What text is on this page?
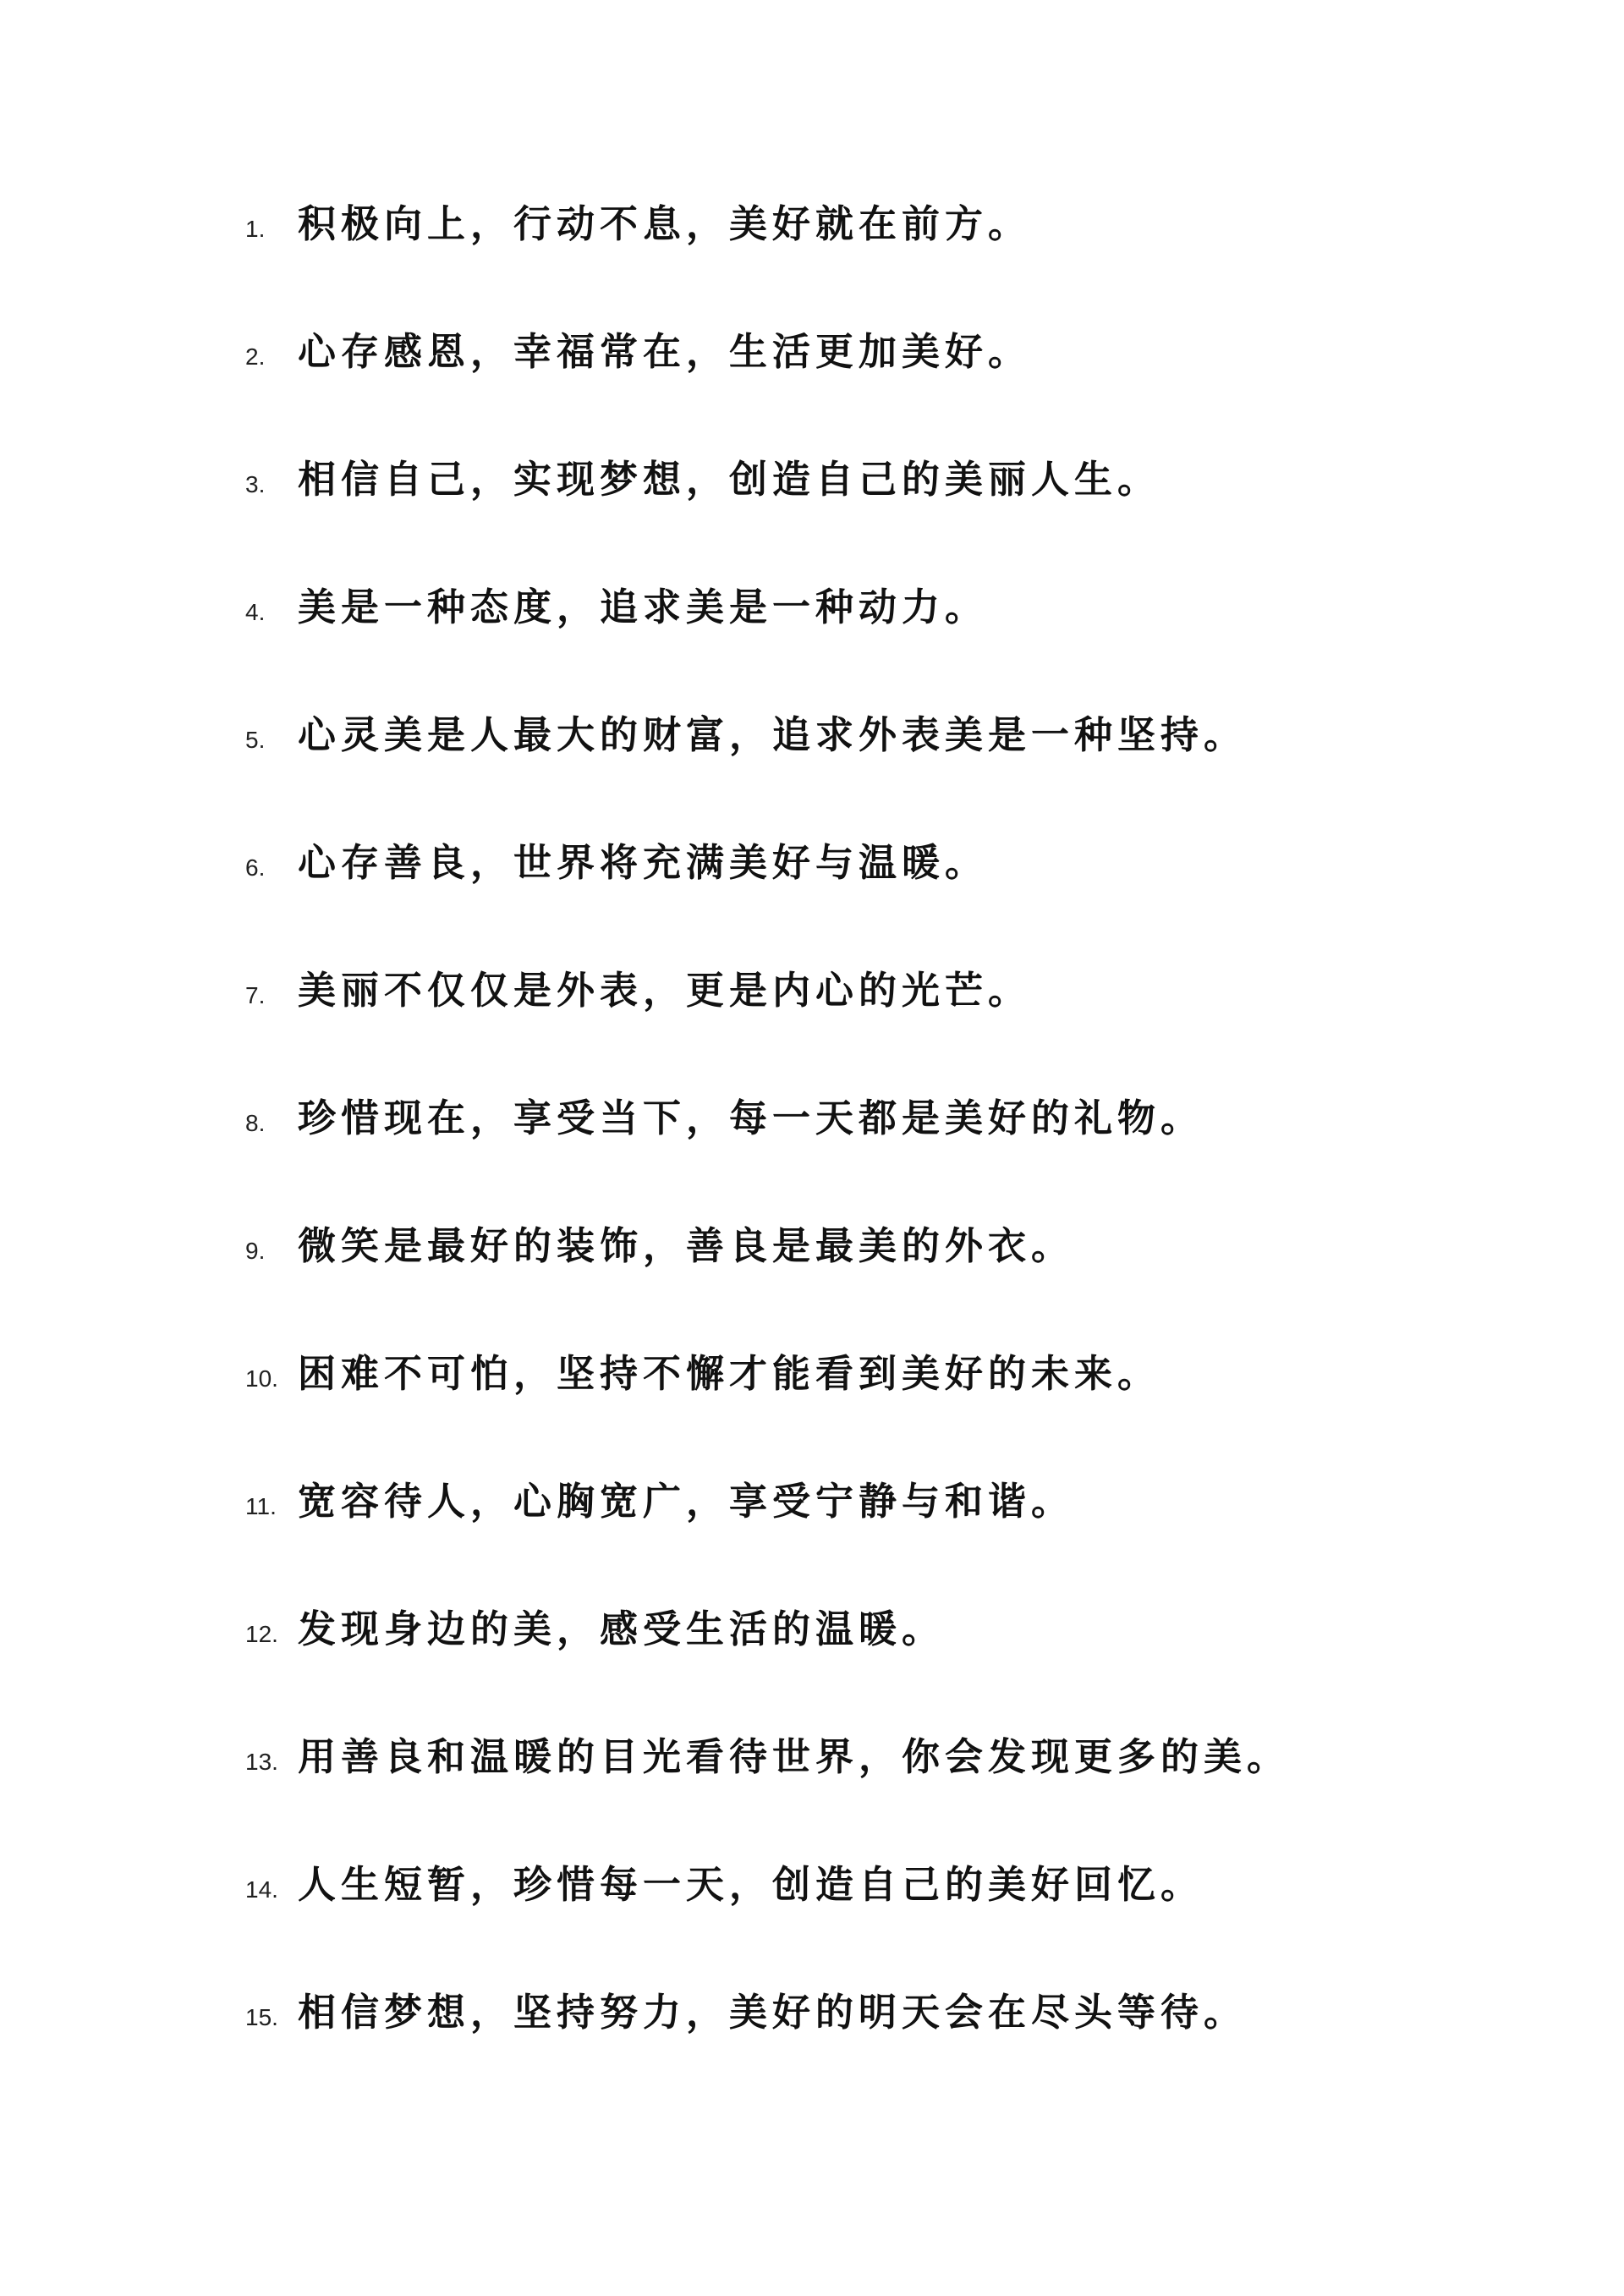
1. 积极向上，行动不息，美好就在前方。
2. 心存感恩，幸福常在，生活更加美好。
3. 相信自己，实现梦想，创造自己的美丽人生。
4. 美是一种态度，追求美是一种动力。
5. 心灵美是人最大的财富，追求外表美是一种坚持。
6. 心存善良，世界将充满美好与温暖。
7. 美丽不仅仅是外表，更是内心的光芒。
8. 珍惜现在，享受当下，每一天都是美好的礼物。
9. 微笑是最好的装饰，善良是最美的外衣。
10. 困难不可怕，坚持不懈才能看到美好的未来。
11. 宽容待人，心胸宽广，享受宁静与和谐。
12. 发现身边的美，感受生活的温暖。
13. 用善良和温暖的目光看待世界，你会发现更多的美。
14. 人生短暂，珍惜每一天，创造自己的美好回忆。
15. 相信梦想，坚持努力，美好的明天会在尽头等待。
